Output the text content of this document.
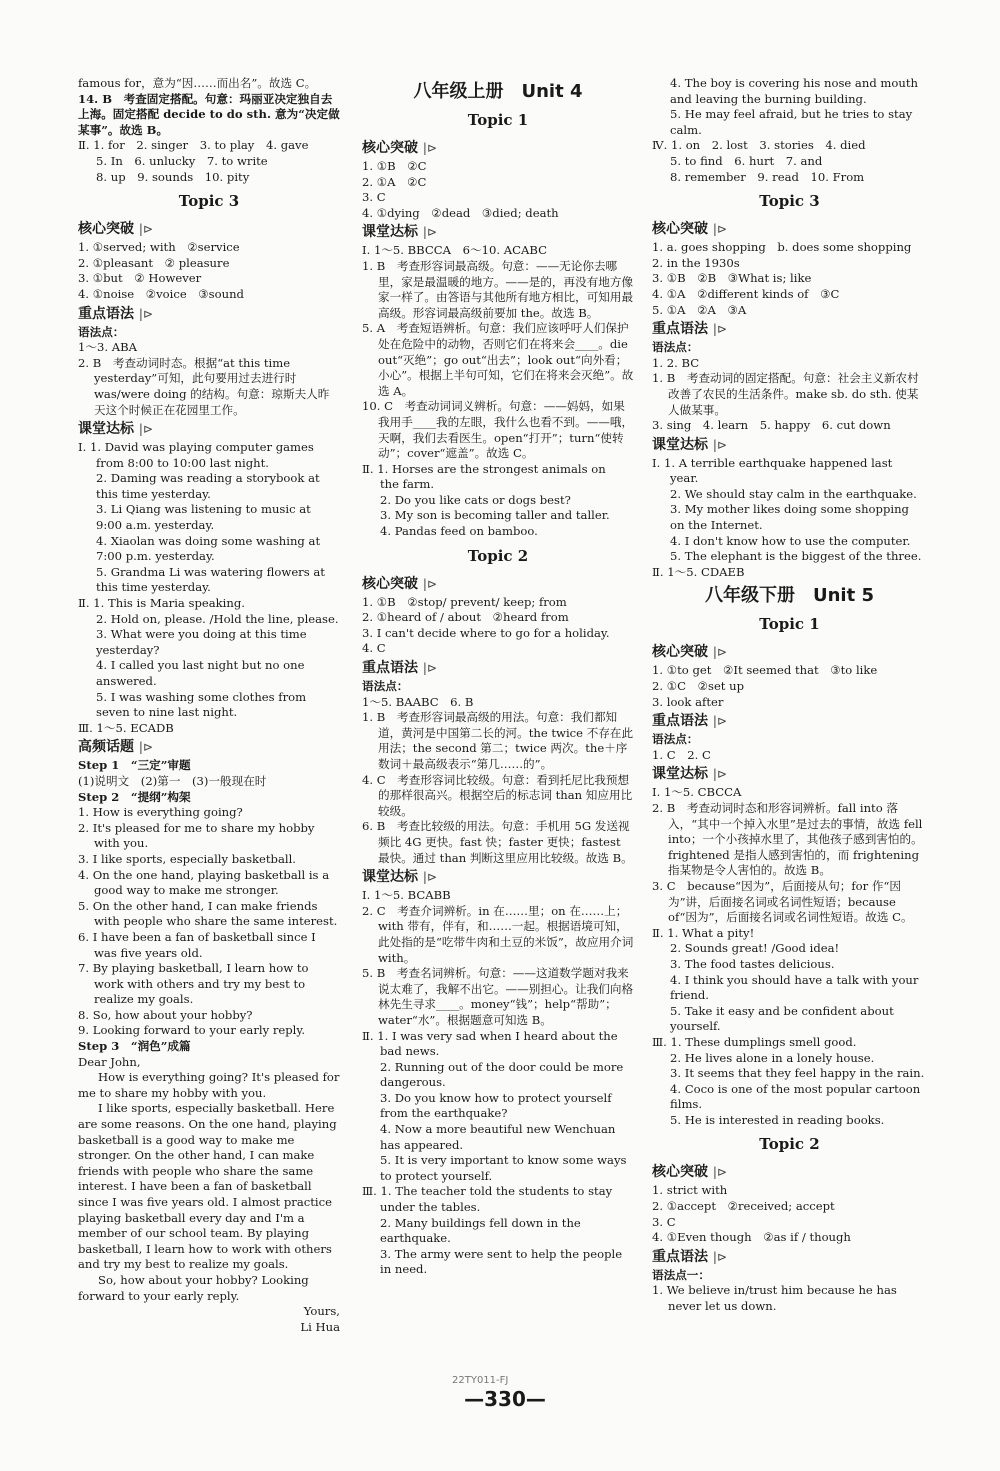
famous for，意为“因……而出名”。故选 C。

14. B　考查固定搭配。句意：玛丽亚决定独自去上海。固定搭配 decide to do sth. 意为“决定做某事”。故选 B。

Ⅱ. 1. for　2. singer　3. to play　4. gave

5. In　6. unlucky　7. to write

8. up　9. sounds　10. pity

Topic 3

核心突破 |⊳

1. ①served; with　②service

2. ①pleasant　② pleasure

3. ①but　② However

4. ①noise　②voice　③sound

重点语法 |⊳

语法点：

1～3. ABA

2. B　考查动词时态。根据“at this time yesterday”可知，此句要用过去进行时 was/were doing 的结构。句意：琼斯夫人昨天这个时候正在花园里工作。

课堂达标 |⊳

Ⅰ. 1. David was playing computer games

from 8:00 to 10:00 last night.

2. Daming was reading a storybook at this time yesterday.

3. Li Qiang was listening to music at 9:00 a.m. yesterday.

4. Xiaolan was doing some washing at 7:00 p.m. yesterday.

5. Grandma Li was watering flowers at this time yesterday.

Ⅱ. 1. This is Maria speaking.

2. Hold on, please. /Hold the line, please.

3. What were you doing at this time yesterday?

4. I called you last night but no one answered.

5. I was washing some clothes from seven to nine last night.

Ⅲ. 1～5. ECADB

高频话题 |⊳

Step 1　“三定”审题

(1)说明文　(2)第一　(3)一般现在时

Step 2　“提纲”构架

1. How is everything going?

2. It's pleased for me to share my hobby with you.

3. I like sports, especially basketball.

4. On the one hand, playing basketball is a good way to make me stronger.

5. On the other hand, I can make friends with people who share the same interest.

6. I have been a fan of basketball since I was five years old.

7. By playing basketball, I learn how to work with others and try my best to realize my goals.

8. So, how about your hobby?

9. Looking forward to your early reply.

Step 3　“润色”成篇

Dear John,

How is everything going? It's pleased for me to share my hobby with you.

I like sports, especially basketball. Here are some reasons. On the one hand, playing basketball is a good way to make me stronger. On the other hand, I can make friends with people who share the same interest. I have been a fan of basketball since I was five years old. I almost practice playing basketball every day and I'm a member of our school team. By playing basketball, I learn how to work with others and try my best to realize my goals.

So, how about your hobby? Looking forward to your early reply.

Yours,

Li Hua

八年级上册　Unit 4

Topic 1

核心突破 |⊳

1. ①B　②C

2. ①A　②C

3. C

4. ①dying　②dead　③died; death

课堂达标 |⊳

Ⅰ. 1～5. BBCCA　6～10. ACABC

1. B　考查形容词最高级。句意：——无论你去哪里，家是最温暖的地方。——是的，再没有地方像家一样了。由答语与其他所有地方相比，可知用最高级。形容词最高级前要加 the。故选 B。

5. A　考查短语辨析。句意：我们应该呼吁人们保护处在危险中的动物，否则它们在将来会____。die out“灭绝”；go out“出去”；look out“向外看；小心”。根据上半句可知，它们在将来会灭绝”。故选 A。

10. C　考查动词词义辨析。句意：——妈妈，如果我用手____我的左眼，我什么也看不到。——哦，天啊，我们去看医生。open“打开”；turn“使转动”；cover“遮盖”。故选 C。

Ⅱ. 1. Horses are the strongest animals on

the farm.

2. Do you like cats or dogs best?

3. My son is becoming taller and taller.

4. Pandas feed on bamboo.

Topic 2

核心突破 |⊳

1. ①B　②stop/ prevent/ keep; from

2. ①heard of / about　②heard from

3. I can't decide where to go for a holiday.

4. C

重点语法 |⊳

语法点：

1～5. BAABC　6. B

1. B　考查形容词最高级的用法。句意：我们都知道，黄河是中国第二长的河。the twice 不存在此用法；the second 第二；twice 两次。the＋序数词＋最高级表示“第几……的”。

4. C　考查形容词比较级。句意：看到托尼比我预想的那样很高兴。根据空后的标志词 than 知应用比较级。

6. B　考查比较级的用法。句意：手机用 5G 发送视频比 4G 更快。fast 快；faster 更快；fastest 最快。通过 than 判断这里应用比较级。故选 B。

课堂达标 |⊳

Ⅰ. 1～5. BCABB

2. C　考查介词辨析。in 在……里；on 在……上；with 带有，伴有，和……一起。根据语境可知，此处指的是“吃带牛肉和土豆的米饭”，故应用介词 with。

5. B　考查名词辨析。句意：——这道数学题对我来说太难了，我解不出它。——别担心。让我们向格林先生寻求____。money“钱”；help“帮助”；water“水”。根据题意可知选 B。

Ⅱ. 1. I was very sad when I heard about the

bad news.

2. Running out of the door could be more dangerous.

3. Do you know how to protect yourself from the earthquake?

4. Now a more beautiful new Wenchuan has appeared.

5. It is very important to know some ways to protect yourself.

Ⅲ. 1. The teacher told the students to stay

under the tables.

2. Many buildings fell down in the earthquake.

3. The army were sent to help the people in need.

4. The boy is covering his nose and mouth and leaving the burning building.

5. He may feel afraid, but he tries to stay calm.

Ⅳ. 1. on　2. lost　3. stories　4. died

5. to find　6. hurt　7. and

8. remember　9. read　10. From

Topic 3

核心突破 |⊳

1. a. goes shopping　b. does some shopping

2. in the 1930s

3. ①B　②B　③What is; like

4. ①A　②different kinds of　③C

5. ①A　②A　③A

重点语法 |⊳

语法点：

1. 2. BC

1. B　考查动词的固定搭配。句意：社会主义新农村改善了农民的生活条件。make sb. do sth. 使某人做某事。

3. sing　4. learn　5. happy　6. cut down

课堂达标 |⊳

Ⅰ. 1. A terrible earthquake happened last

year.

2. We should stay calm in the earthquake.

3. My mother likes doing some shopping on the Internet.

4. I don't know how to use the computer.

5. The elephant is the biggest of the three.

Ⅱ. 1～5. CDAEB

八年级下册　Unit 5

Topic 1

核心突破 |⊳

1. ①to get　②It seemed that　③to like

2. ①C　②set up

3. look after

重点语法 |⊳

语法点：

1. C　2. C

课堂达标 |⊳

Ⅰ. 1～5. CBCCA

2. B　考查动词时态和形容词辨析。fall into 落入，“其中一个掉入水里”是过去的事情，故选 fell into；一个小孩掉水里了，其他孩子感到害怕的。frightened 是指人感到害怕的，而 frightening 指某物是令人害怕的。故选 B。

3. C　because“因为”，后面接从句；for 作“因为”讲，后面接名词或名词性短语；because of“因为”，后面接名词或名词性短语。故选 C。

Ⅱ. 1. What a pity!

2. Sounds great! /Good idea!

3. The food tastes delicious.

4. I think you should have a talk with your friend.

5. Take it easy and be confident about yourself.

Ⅲ. 1. These dumplings smell good.

2. He lives alone in a lonely house.

3. It seems that they feel happy in the rain.

4. Coco is one of the most popular cartoon films.

5. He is interested in reading books.

Topic 2

核心突破 |⊳

1. strict with

2. ①accept　②received; accept

3. C

4. ①Even though　②as if / though

重点语法 |⊳

语法点一：

1. We believe in/trust him because he has never let us down.

22TY011-FJ
—330—
